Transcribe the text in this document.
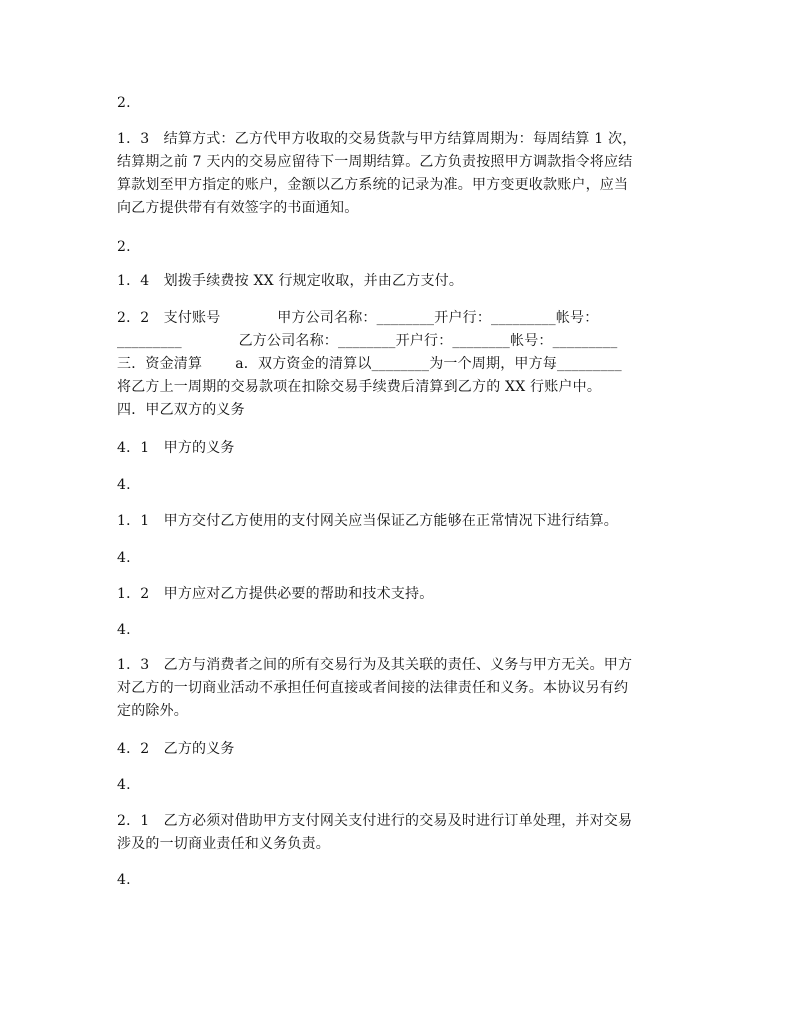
2.
1．3　结算方式：乙方代甲方收取的交易货款与甲方结算周期为：每周结算 1 次，
结算期之前 7 天内的交易应留待下一周期结算。乙方负责按照甲方调款指令将应结
算款划至甲方指定的账户，金额以乙方系统的记录为准。甲方变更收款账户，应当
向乙方提供带有有效签字的书面通知。
2.
1．4　划拨手续费按 XX 行规定收取，并由乙方支付。
2．2　支付账号　　　　甲方公司名称：________开户行：_________帐号：
_________　　　　乙方公司名称：________开户行：________帐号：_________
三．资金清算　　 a．双方资金的清算以________为一个周期，甲方每_________
将乙方上一周期的交易款项在扣除交易手续费后清算到乙方的 XX 行账户中。
四．甲乙双方的义务
4．1　甲方的义务
4.
1．1　甲方交付乙方使用的支付网关应当保证乙方能够在正常情况下进行结算。
4.
1．2　甲方应对乙方提供必要的帮助和技术支持。
4.
1．3　乙方与消费者之间的所有交易行为及其关联的责任、义务与甲方无关。甲方
对乙方的一切商业活动不承担任何直接或者间接的法律责任和义务。本协议另有约
定的除外。
4．2　乙方的义务
4.
2．1　乙方必须对借助甲方支付网关支付进行的交易及时进行订单处理，并对交易
涉及的一切商业责任和义务负责。
4.
